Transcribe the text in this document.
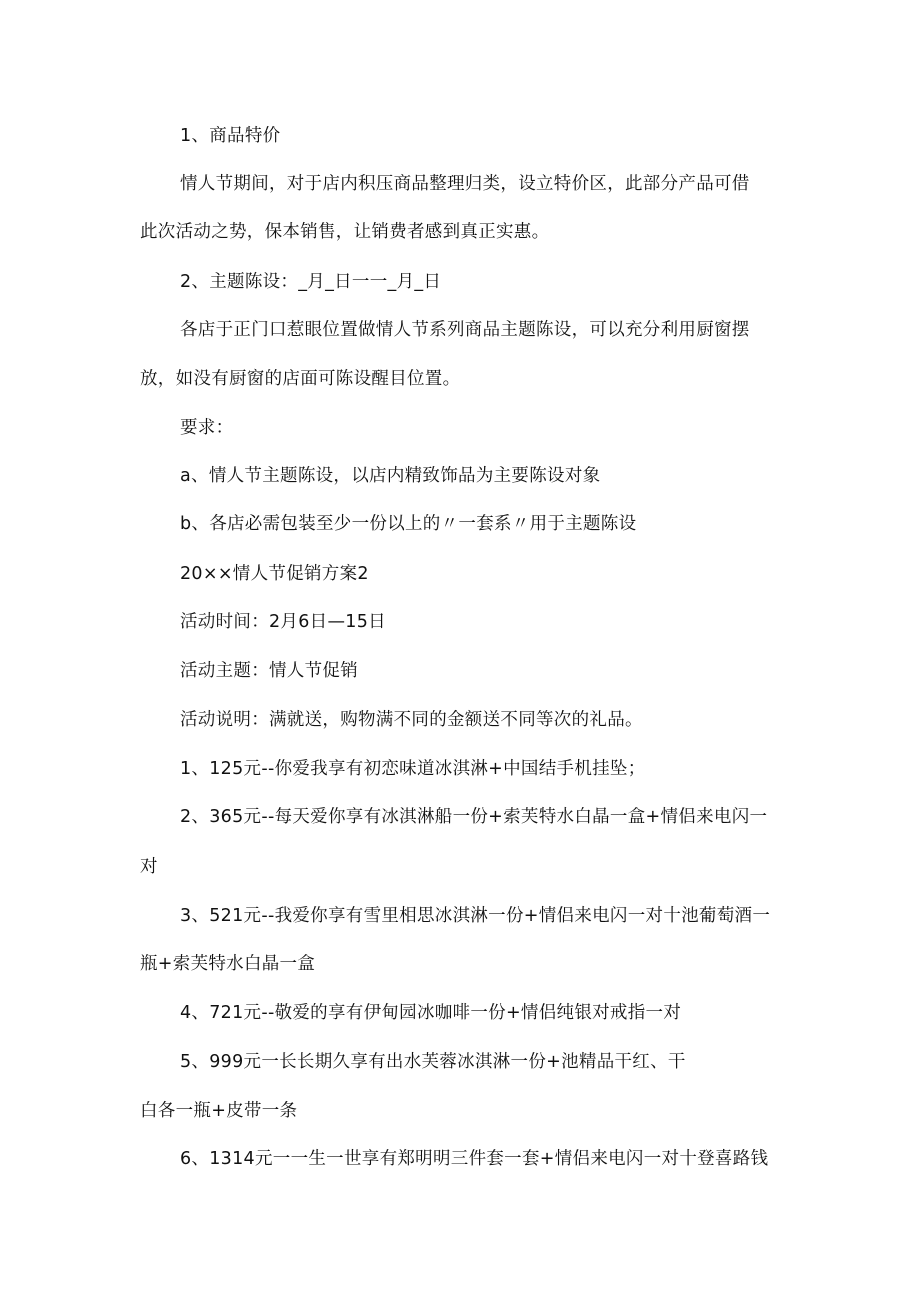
1、商品特价
情人节期间，对于店内积压商品整理归类，设立特价区，此部分产品可借
此次活动之势，保本销售，让销费者感到真正实惠。
2、主题陈设：_月_日一一_月_日
各店于正门口惹眼位置做情人节系列商品主题陈设，可以充分利用厨窗摆
放，如没有厨窗的店面可陈设醒目位置。
要求：
a、情人节主题陈设，以店内精致饰品为主要陈设对象
b、各店必需包装至少一份以上的〃一套系〃用于主题陈设
20××情人节促销方案2
活动时间：2月6日—15日
活动主题：情人节促销
活动说明：满就送，购物满不同的金额送不同等次的礼品。
1、125元--你爱我享有初恋味道冰淇淋+中国结手机挂坠；
2、365元--每天爱你享有冰淇淋船一份+索芙特水白晶一盒+情侣来电闪一
对
3、521元--我爱你享有雪里相思冰淇淋一份+情侣来电闪一对十池葡萄酒一
瓶+索芙特水白晶一盒
4、721元--敬爱的享有伊甸园冰咖啡一份+情侣纯银对戒指一对
5、999元一长长期久享有出水芙蓉冰淇淋一份+池精品干红、干
白各一瓶+皮带一条
6、1314元一一生一世享有郑明明三件套一套+情侣来电闪一对十登喜路钱
